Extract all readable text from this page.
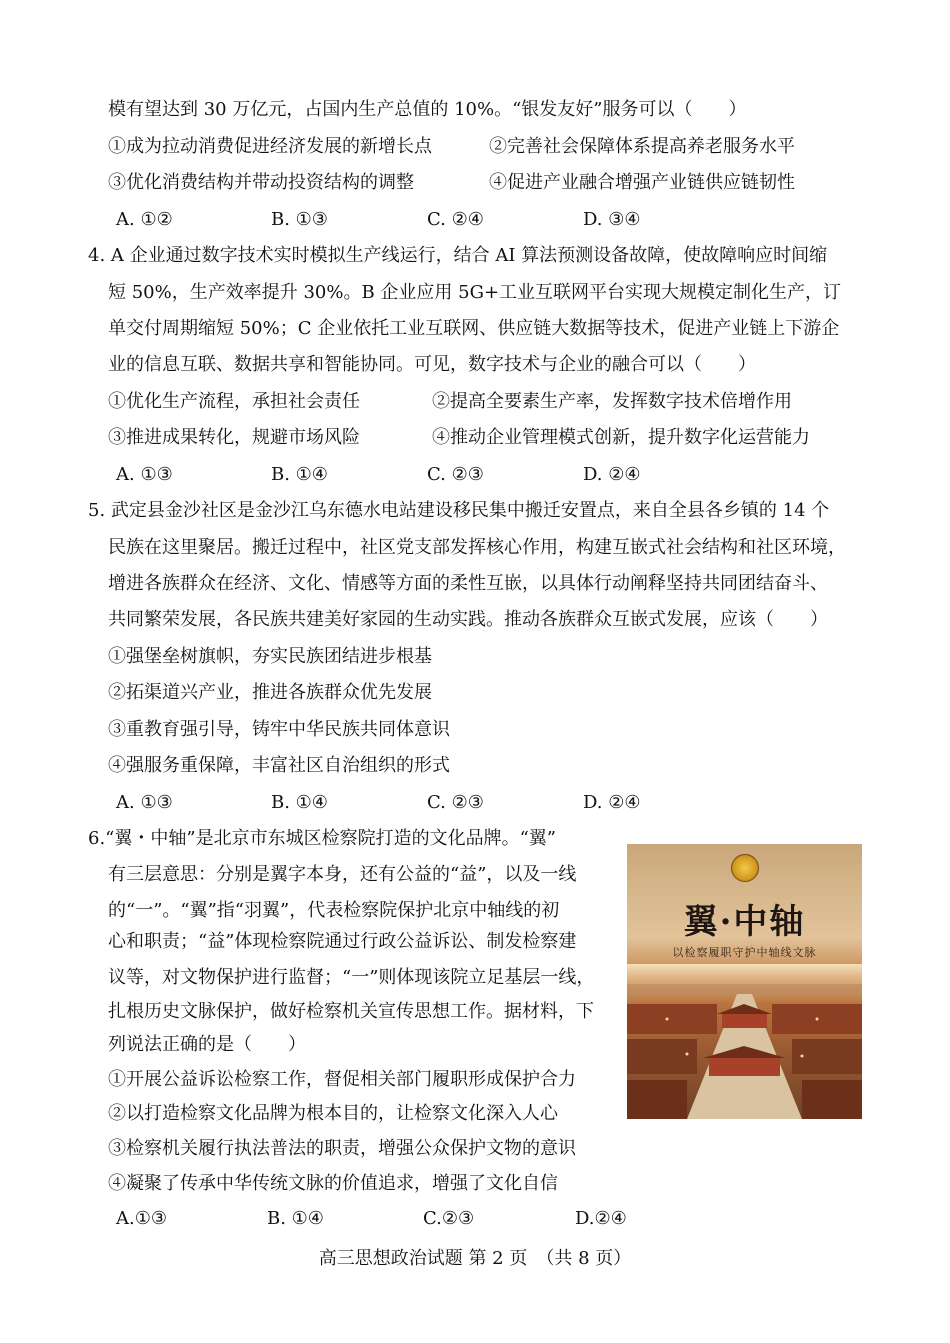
模有望达到 30 万亿元，占国内生产总值的 10%。“银发友好”服务可以（　　）
①成为拉动消费促进经济发展的新增长点	②完善社会保障体系提高养老服务水平
③优化消费结构并带动投资结构的调整	④促进产业融合增强产业链供应链韧性
A. ①②	B. ①③	C. ②④	D. ③④
4. A 企业通过数字技术实时模拟生产线运行，结合 AI 算法预测设备故障，使故障响应时间缩
短 50%，生产效率提升 30%。B 企业应用 5G+工业互联网平台实现大规模定制化生产，订
单交付周期缩短 50%；C 企业依托工业互联网、供应链大数据等技术，促进产业链上下游企
业的信息互联、数据共享和智能协同。可见，数字技术与企业的融合可以（　　）
①优化生产流程，承担社会责任	②提高全要素生产率，发挥数字技术倍增作用
③推进成果转化，规避市场风险	④推动企业管理模式创新，提升数字化运营能力
A. ①③	B. ①④	C. ②③	D. ②④
5. 武定县金沙社区是金沙江乌东德水电站建设移民集中搬迁安置点，来自全县各乡镇的 14 个
民族在这里聚居。搬迁过程中，社区党支部发挥核心作用，构建互嵌式社会结构和社区环境，
增进各族群众在经济、文化、情感等方面的柔性互嵌，以具体行动阐释坚持共同团结奋斗、
共同繁荣发展，各民族共建美好家园的生动实践。推动各族群众互嵌式发展，应该（　　）
①强堡垒树旗帜，夯实民族团结进步根基
②拓渠道兴产业，推进各族群众优先发展
③重教育强引导，铸牢中华民族共同体意识
④强服务重保障，丰富社区自治组织的形式
A. ①③	B. ①④	C. ②③	D. ②④
6.“翼・中轴”是北京市东城区检察院打造的文化品牌。“翼”
有三层意思：分别是翼字本身，还有公益的“益”，以及一线
的“一”。“翼”指“羽翼”，代表检察院保护北京中轴线的初
心和职责；“益”体现检察院通过行政公益诉讼、制发检察建
议等，对文物保护进行监督；“一”则体现该院立足基层一线，
扎根历史文脉保护，做好检察机关宣传思想工作。据材料，下
列说法正确的是（　　）
①开展公益诉讼检察工作，督促相关部门履职形成保护合力
②以打造检察文化品牌为根本目的，让检察文化深入人心
③检察机关履行执法普法的职责，增强公众保护文物的意识
④凝聚了传承中华传统文脉的价值追求，增强了文化自信
A.①③	B. ①④	C.②③	D.②④
翼·中轴
以检察履职守护中轴线文脉
高三思想政治试题 第 2 页　（共 8 页）
